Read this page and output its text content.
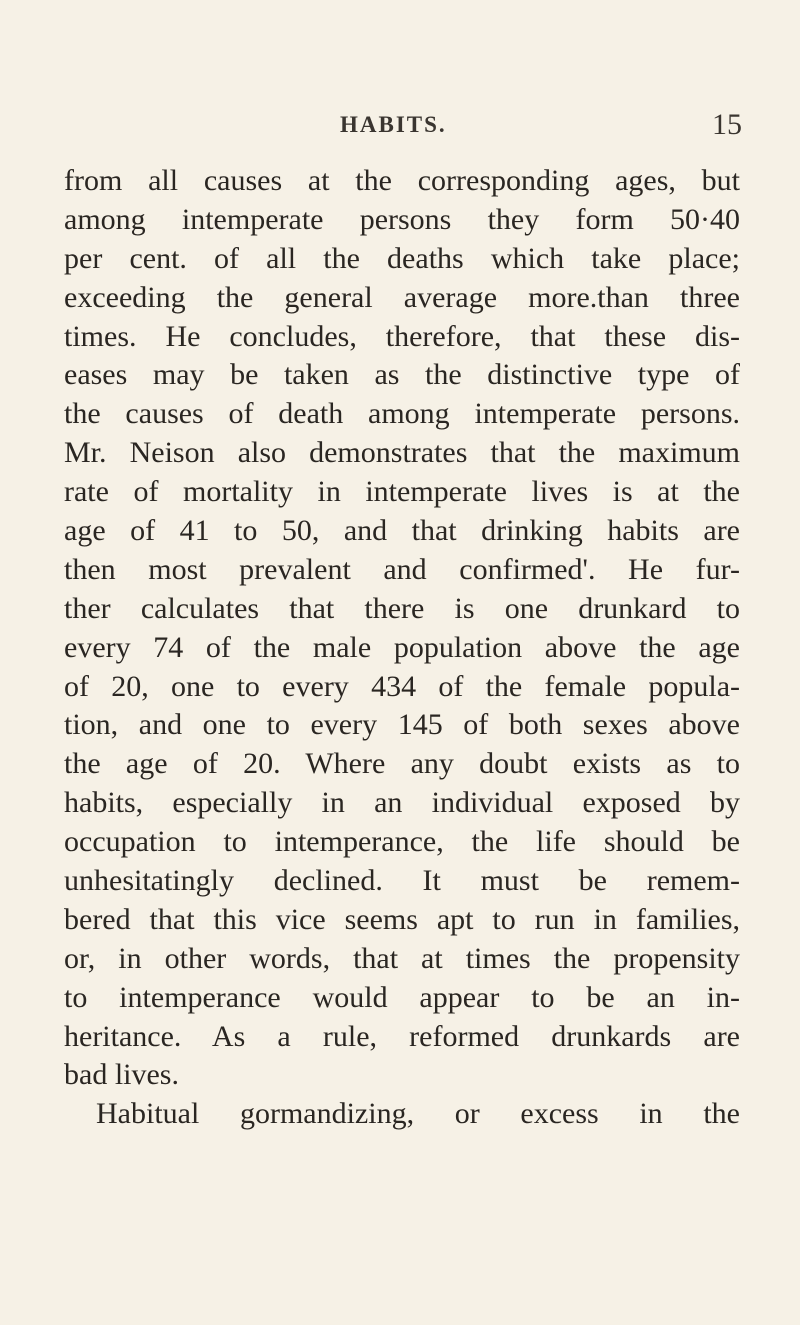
HABITS.	15
from all causes at the corresponding ages, but
among intemperate persons they form 50·40
per cent. of all the deaths which take place;
exceeding the general average more.than three
times. He concludes, therefore, that these dis-
eases may be taken as the distinctive type of
the causes of death among intemperate persons.
Mr. Neison also demonstrates that the maximum
rate of mortality in intemperate lives is at the
age of 41 to 50, and that drinking habits are
then most prevalent and confirmed'. He fur-
ther calculates that there is one drunkard to
every 74 of the male population above the age
of 20, one to every 434 of the female popula-
tion, and one to every 145 of both sexes above
the age of 20. Where any doubt exists as to
habits, especially in an individual exposed by
occupation to intemperance, the life should be
unhesitatingly declined. It must be remem-
bered that this vice seems apt to run in families,
or, in other words, that at times the propensity
to intemperance would appear to be an in-
heritance. As a rule, reformed drunkards are
bad lives.
Habitual gormandizing, or excess in the
